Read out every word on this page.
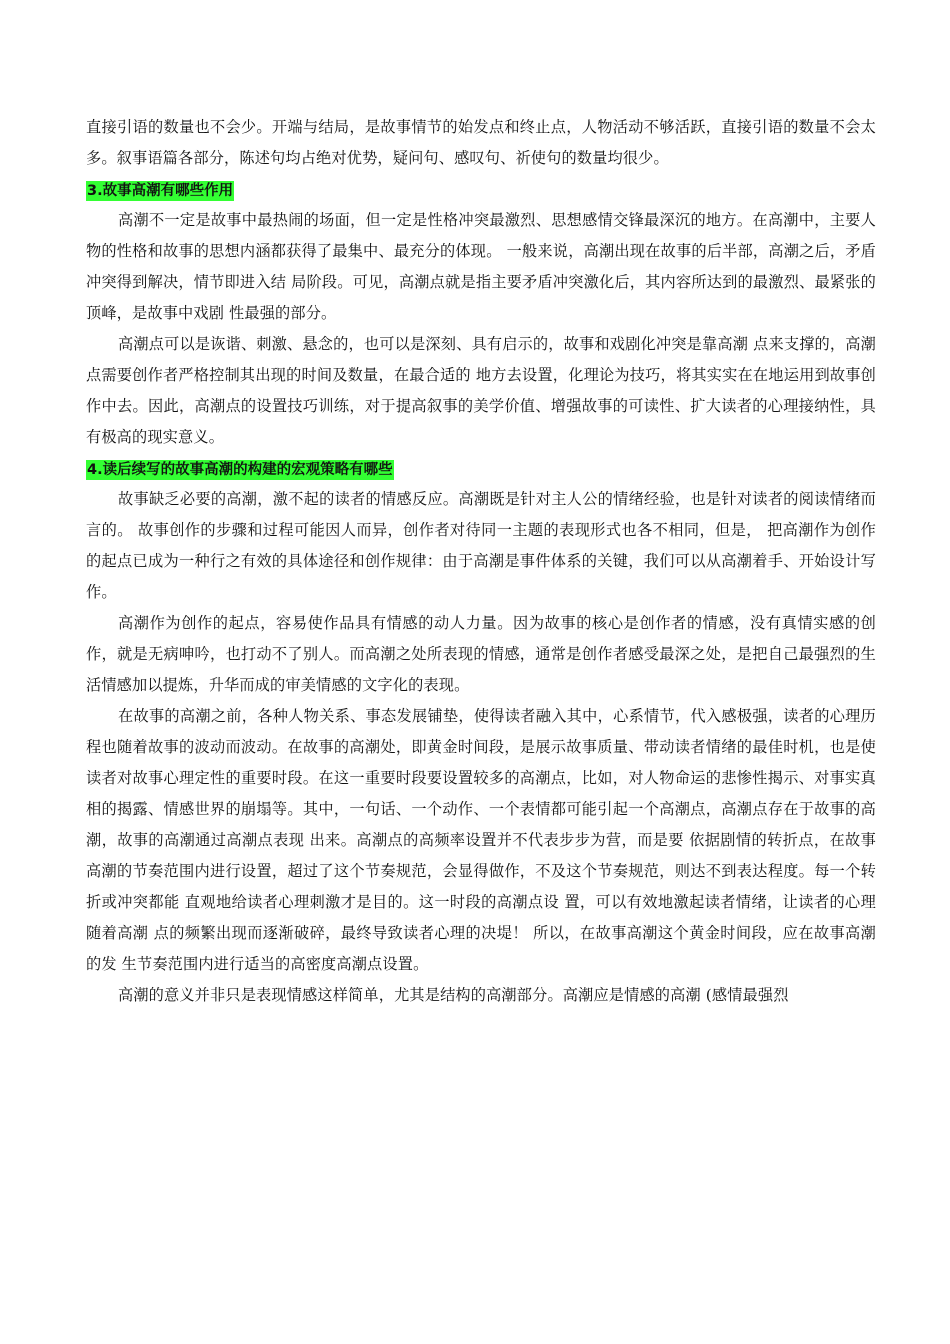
直接引语的数量也不会少。开端与结局，是故事情节的始发点和终止点，人物活动不够活跃，直接引语的数量不会太多。叙事语篇各部分，陈述句均占绝对优势，疑问句、感叹句、祈使句的数量均很少。

3.故事高潮有哪些作用

高潮不一定是故事中最热闹的场面，但一定是性格冲突最激烈、思想感情交锋最深沉的地方。在高潮中，主要人物的性格和故事的思想内涵都获得了最集中、最充分的体现。 一般来说，高潮出现在故事的后半部，高潮之后，矛盾冲突得到解决，情节即进入结 局阶段。可见，高潮点就是指主要矛盾冲突激化后，其内容所达到的最激烈、最紧张的顶峰，是故事中戏剧 性最强的部分。

高潮点可以是诙谐、刺激、悬念的，也可以是深刻、具有启示的，故事和戏剧化冲突是靠高潮 点来支撑的，高潮点需要创作者严格控制其出现的时间及数量，在最合适的 地方去设置，化理论为技巧，将其实实在在地运用到故事创作中去。因此，高潮点的设置技巧训练，对于提高叙事的美学价值、增强故事的可读性、扩大读者的心理接纳性，具有极高的现实意义。

4.读后续写的故事高潮的构建的宏观策略有哪些

故事缺乏必要的高潮，激不起的读者的情感反应。高潮既是针对主人公的情绪经验，也是针对读者的阅读情绪而言的。 故事创作的步骤和过程可能因人而异，创作者对待同一主题的表现形式也各不相同，但是， 把高潮作为创作的起点已成为一种行之有效的具体途径和创作规律：由于高潮是事件体系的关键，我们可以从高潮着手、开始设计写作。

高潮作为创作的起点，容易使作品具有情感的动人力量。因为故事的核心是创作者的情感，没有真情实感的创作，就是无病呻吟，也打动不了别人。而高潮之处所表现的情感，通常是创作者感受最深之处，是把自己最强烈的生活情感加以提炼，升华而成的审美情感的文字化的表现。

在故事的高潮之前，各种人物关系、事态发展铺垫，使得读者融入其中，心系情节，代入感极强，读者的心理历程也随着故事的波动而波动。在故事的高潮处，即黄金时间段，是展示故事质量、带动读者情绪的最佳时机，也是使读者对故事心理定性的重要时段。在这一重要时段要设置较多的高潮点，比如，对人物命运的悲惨性揭示、对事实真相的揭露、情感世界的崩塌等。其中，一句话、一个动作、一个表情都可能引起一个高潮点，高潮点存在于故事的高潮，故事的高潮通过高潮点表现 出来。高潮点的高频率设置并不代表步步为营，而是要 依据剧情的转折点，在故事高潮的节奏范围内进行设置，超过了这个节奏规范，会显得做作，不及这个节奏规范，则达不到表达程度。每一个转折或冲突都能 直观地给读者心理刺激才是目的。这一时段的高潮点设 置，可以有效地激起读者情绪，让读者的心理随着高潮 点的频繁出现而逐渐破碎，最终导致读者心理的决堤！ 所以，在故事高潮这个黄金时间段，应在故事高潮的发 生节奏范围内进行适当的高密度高潮点设置。

高潮的意义并非只是表现情感这样简单，尤其是结构的高潮部分。高潮应是情感的高潮 (感情最强烈
